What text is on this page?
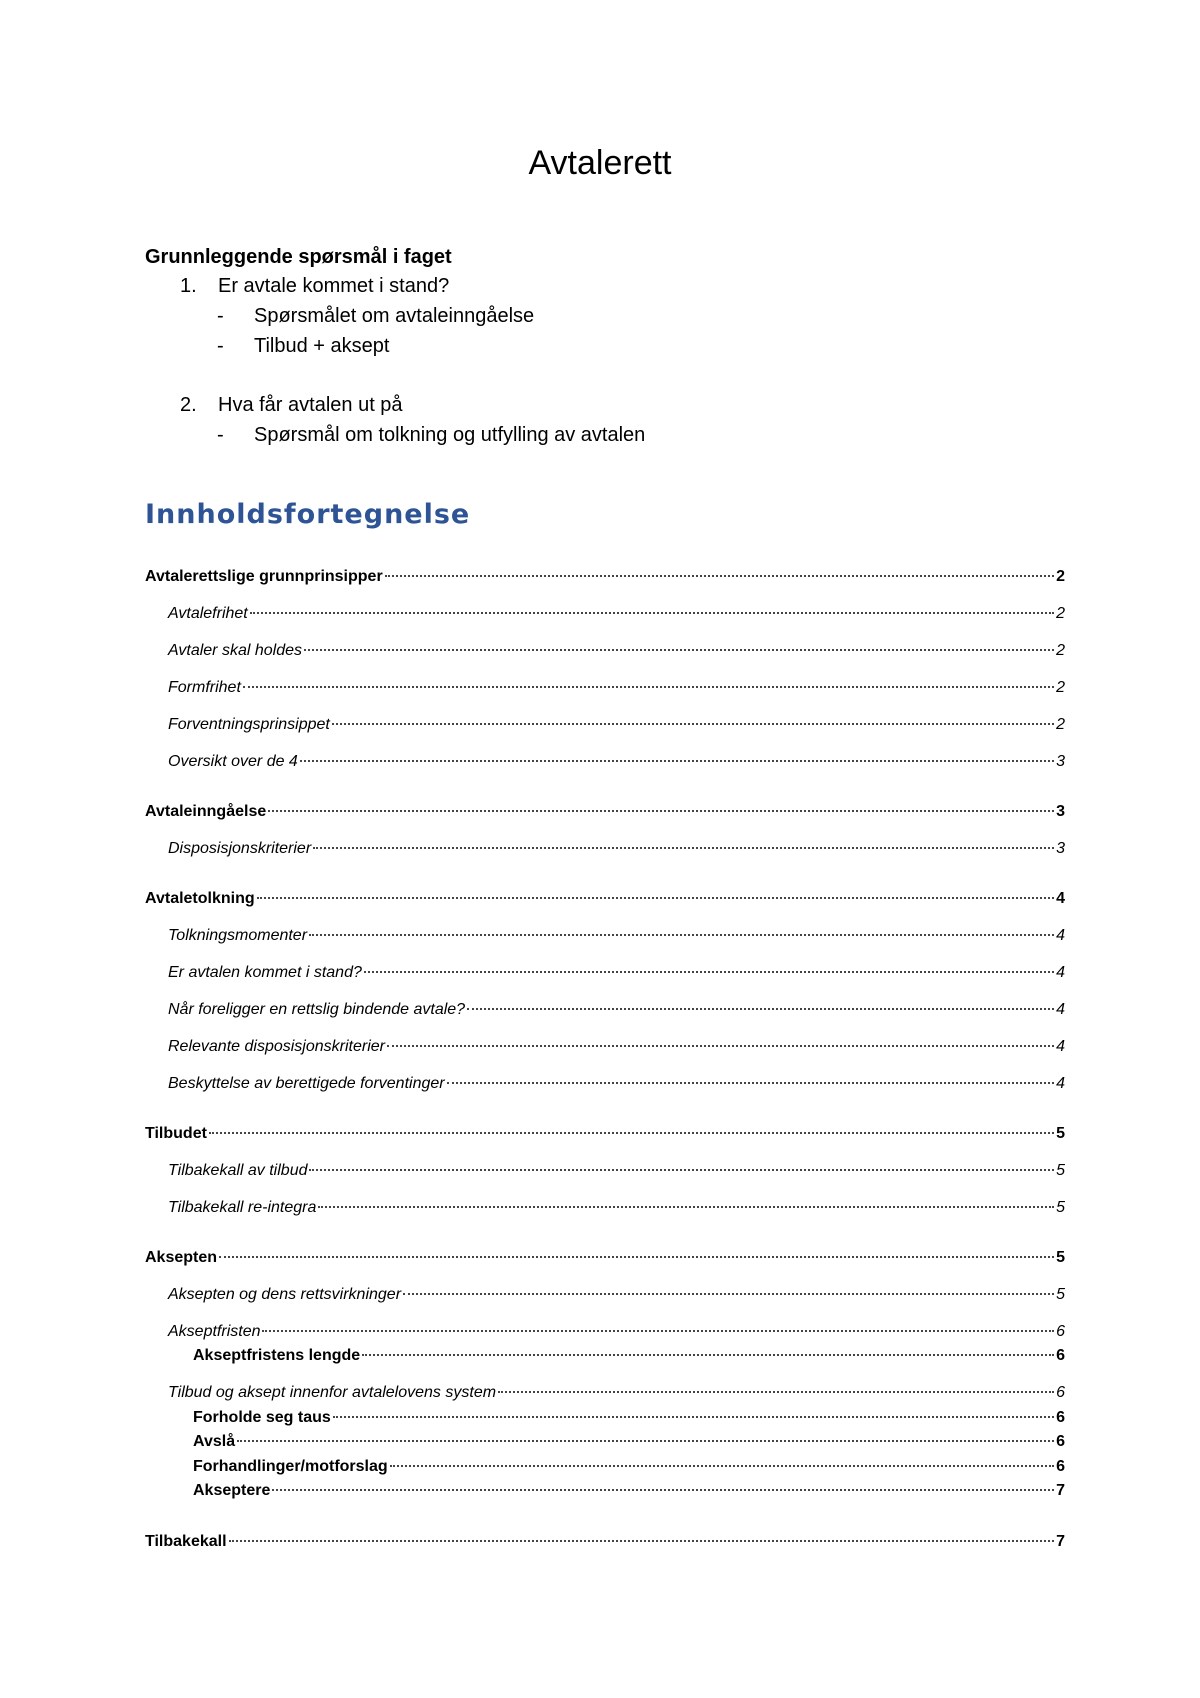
Avtalerett
Grunnleggende spørsmål i faget
1. Er avtale kommet i stand?
- Spørsmålet om avtaleinngåelse
- Tilbud + aksept
2. Hva får avtalen ut på
- Spørsmål om tolkning og utfylling av avtalen
Innholdsfortegnelse
Avtalerettslige grunnprinsipper	2
Avtalefrihet	2
Avtaler skal holdes	2
Formfrihet	2
Forventningsprinsippet	2
Oversikt over de 4	3
Avtaleinngåelse	3
Disposisjonskriterier	3
Avtaletolkning	4
Tolkningsmomenter	4
Er avtalen kommet i stand?	4
Når foreligger en rettslig bindende avtale?	4
Relevante disposisjonskriterier	4
Beskyttelse av berettigede forventinger	4
Tilbudet	5
Tilbakekall av tilbud	5
Tilbakekall re-integra	5
Aksepten	5
Aksepten og dens rettsvirkninger	5
Akseptfristen	6
Akseptfristens lengde	6
Tilbud og aksept innenfor avtalelovens system	6
Forholde seg taus	6
Avslå	6
Forhandlinger/motforslag	6
Akseptere	7
Tilbakekall	7
